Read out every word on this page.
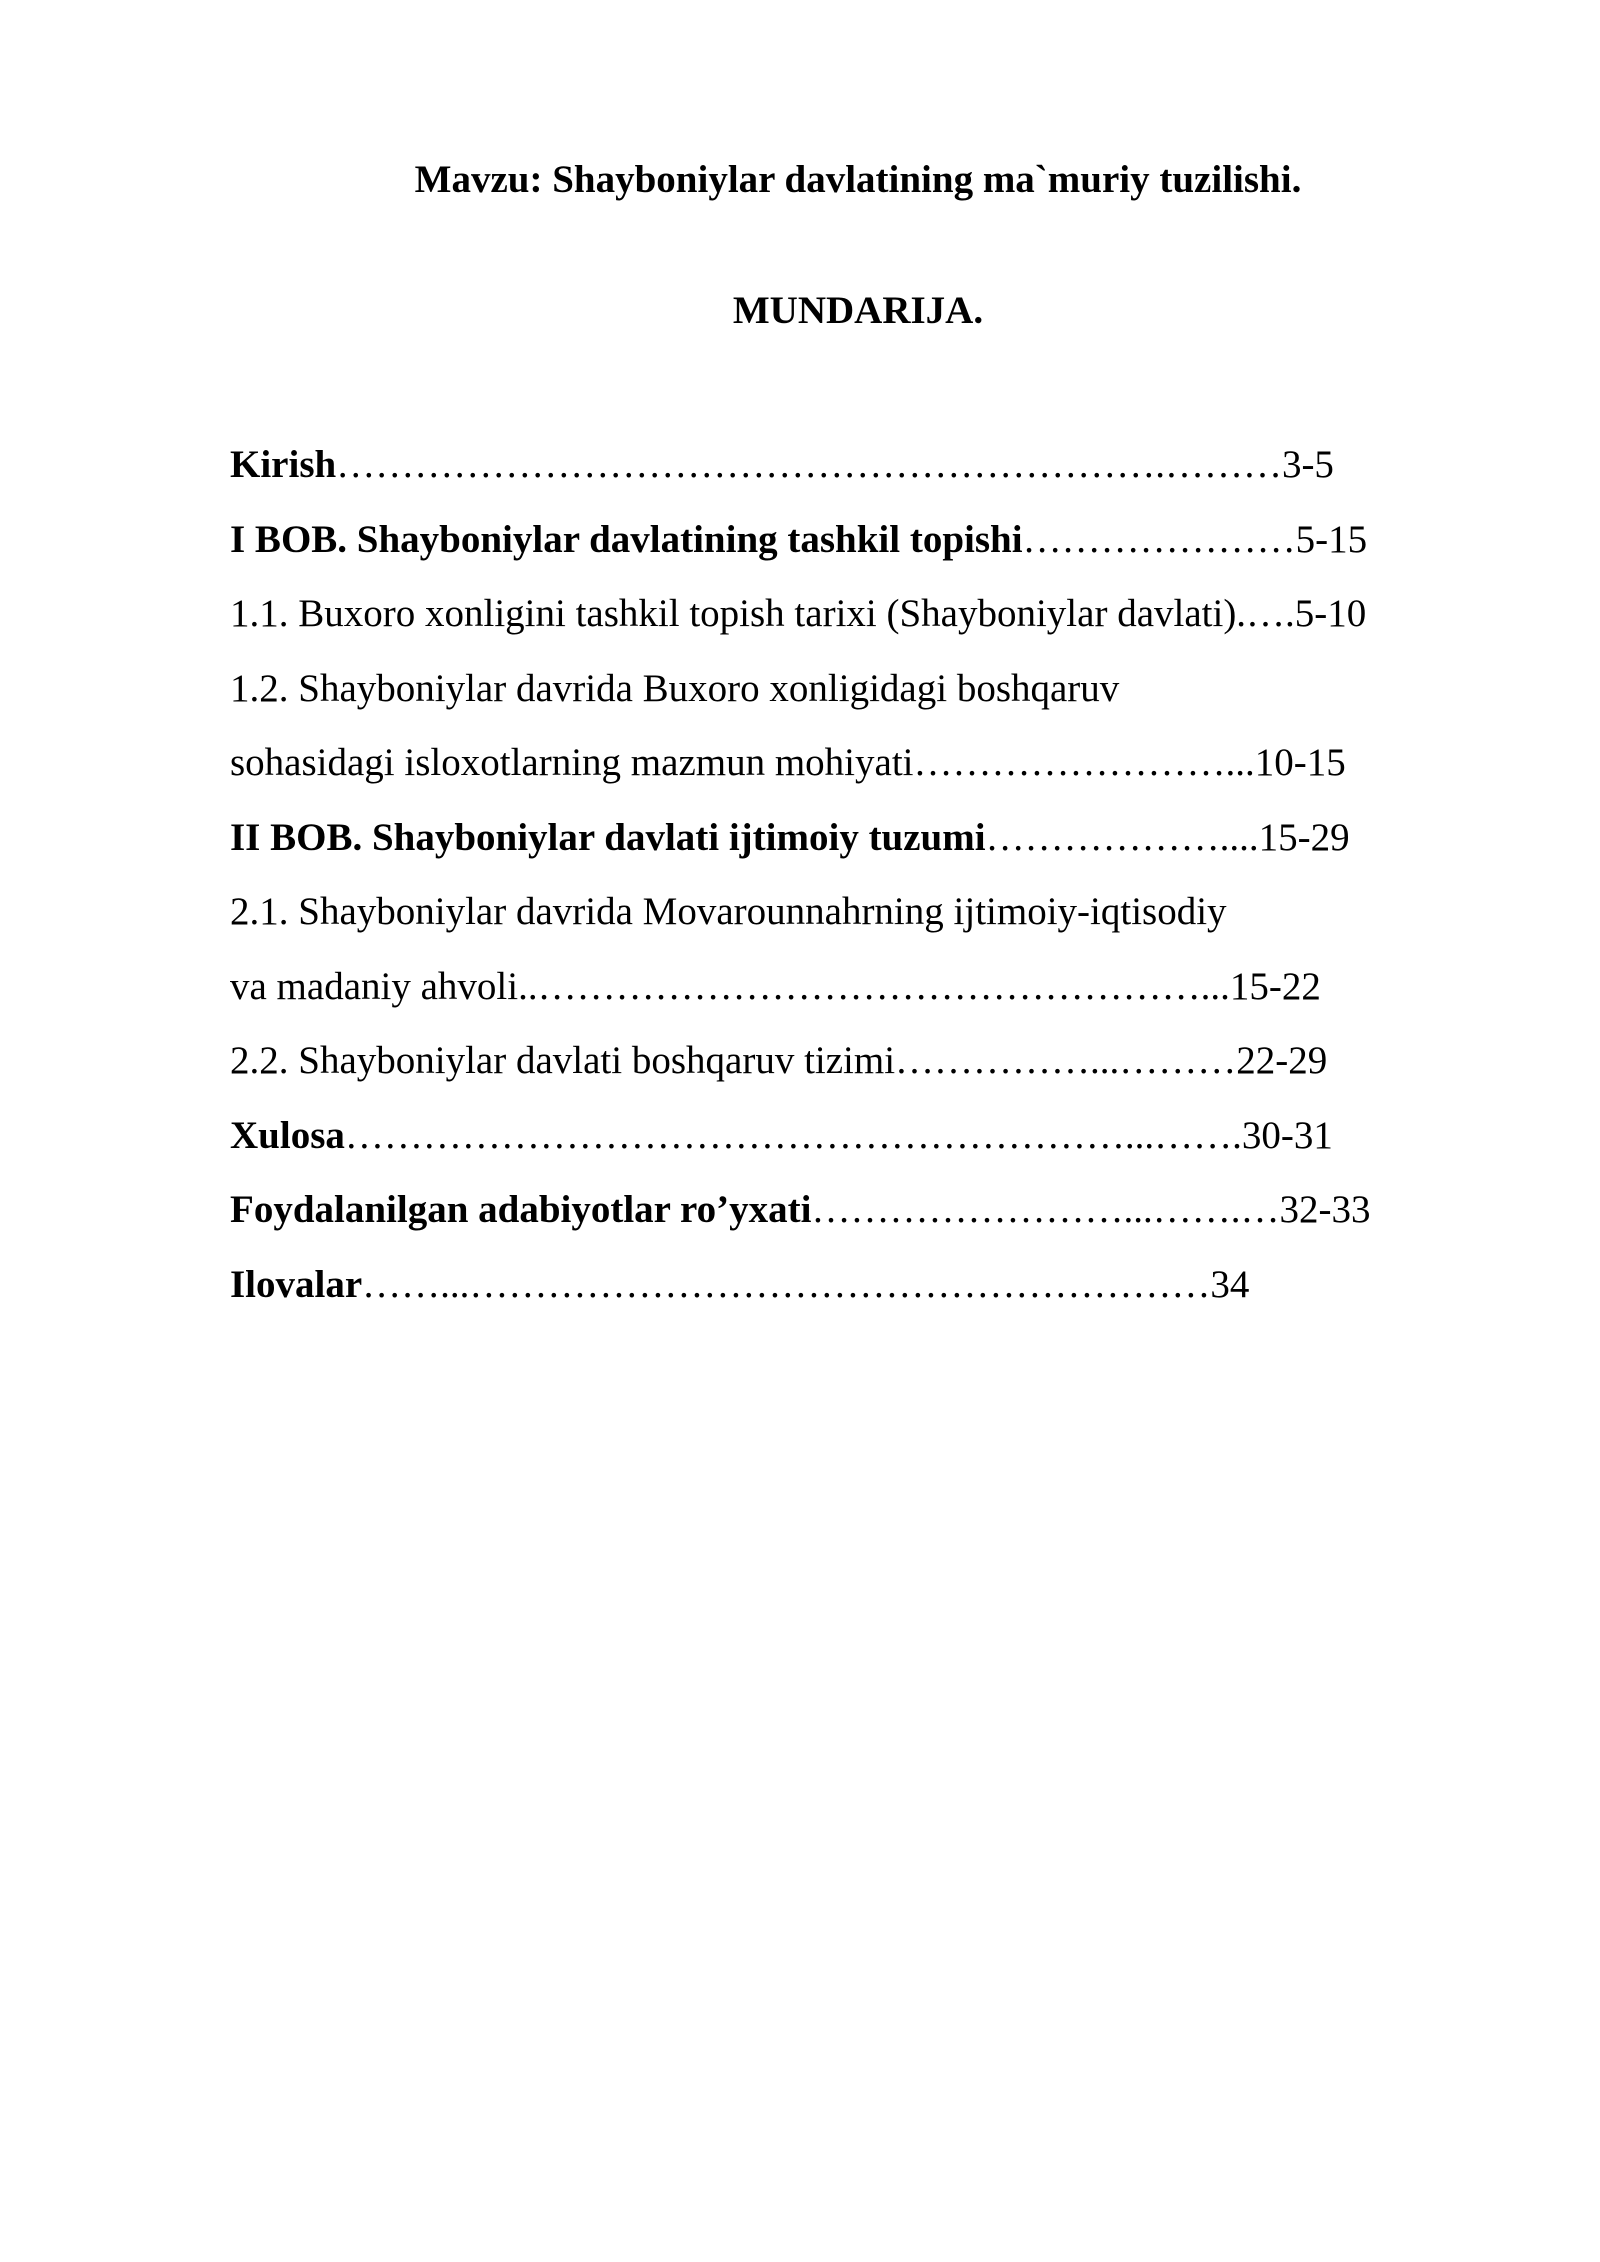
Mavzu: Shayboniylar davlatining ma`muriy tuzilishi.

MUNDARIJA.

Kirish……………………………………………………….………3-5
I BOB. Shayboniylar davlatining tashkil topishi…………………5-15
1.1. Buxoro xonligini tashkil topish tarixi (Shayboniylar davlati).….5-10
1.2. Shayboniylar davrida Buxoro xonligidagi boshqaruv
sohasidagi isloxotlarning mazmun mohiyati……………………...10-15
II BOB. Shayboniylar davlati ijtimoiy tuzumi………………....15-29
2.1. Shayboniylar davrida Movarounnahrning ijtimoiy-iqtisodiy
va madaniy ahvoli..……………………………………………...15-22
2.2. Shayboniylar davlati boshqaruv tizimi……………...………22-29
Xulosa……………………………………………………...…….30-31
Foydalanilgan adabiyotlar ro’yxati……………………...…….…32-33
Ilovalar……...…………………………………………………34
